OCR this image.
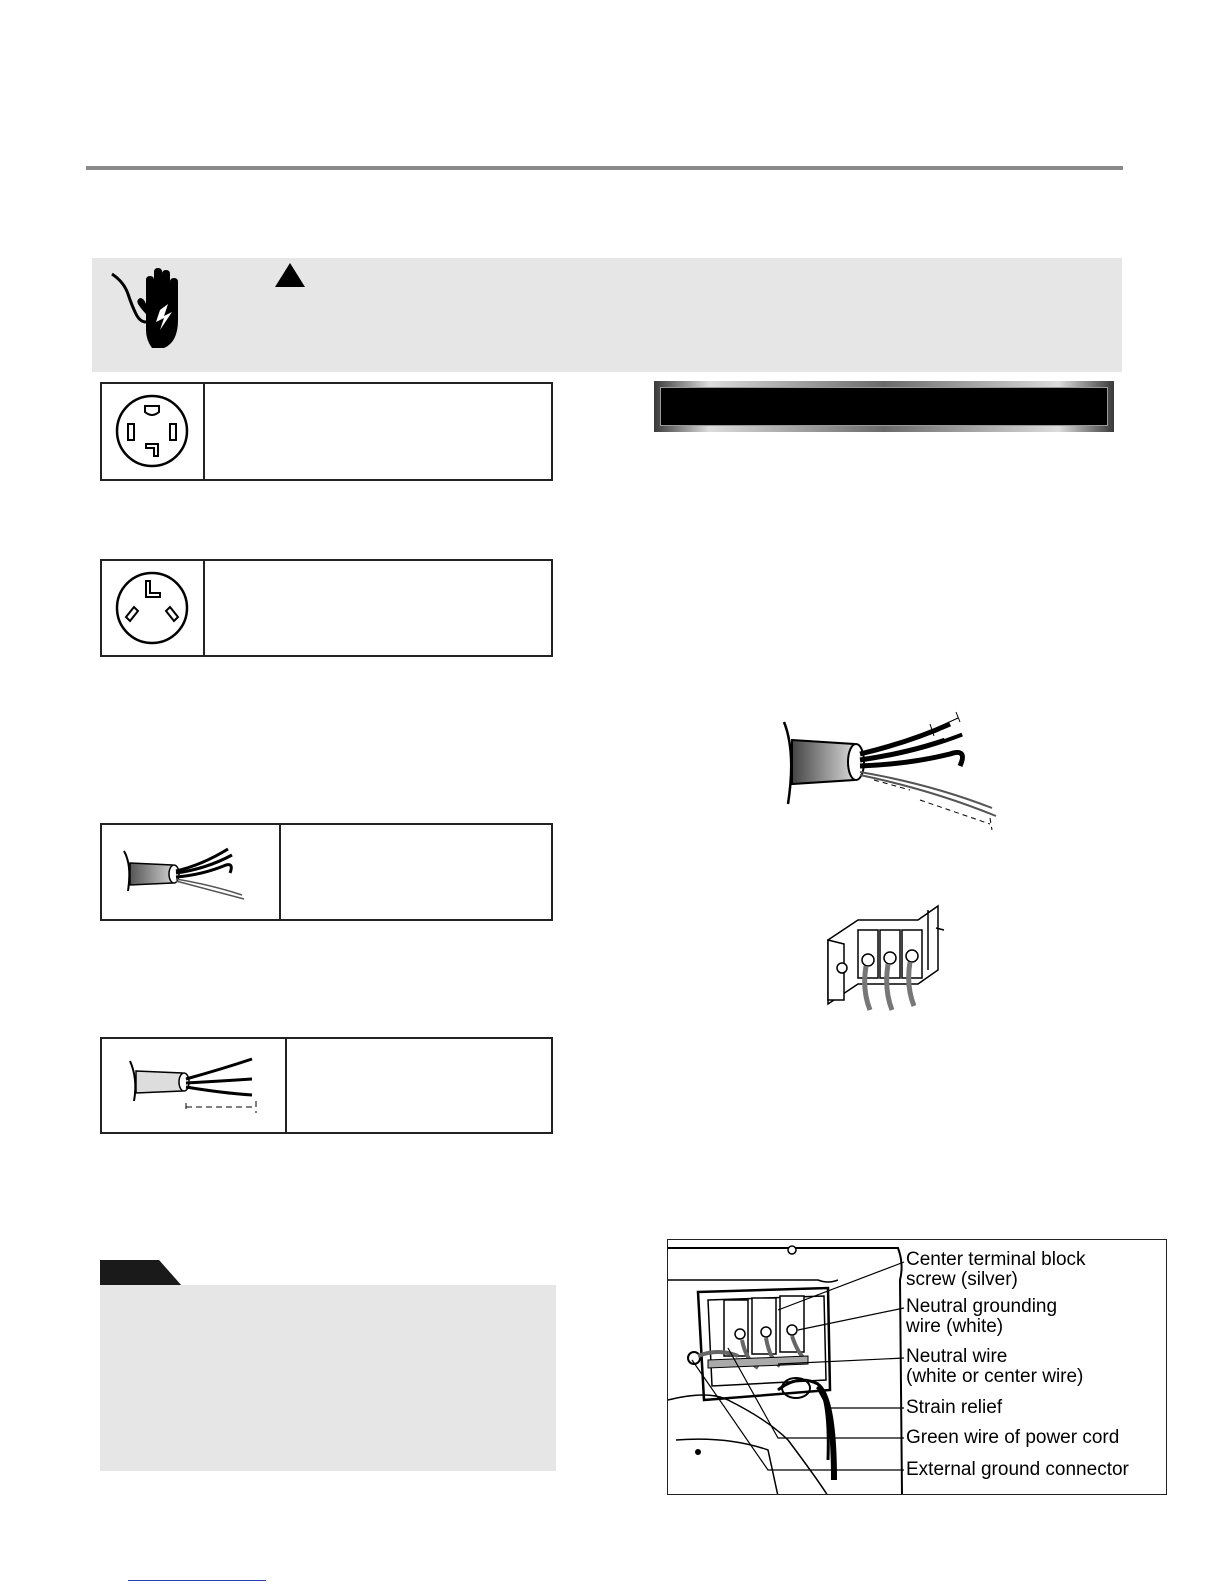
Center terminal block
screw (silver)
Neutral grounding
wire (white)
Neutral wire
(white or center wire)
Strain relief
Green wire of power cord
External ground connector
